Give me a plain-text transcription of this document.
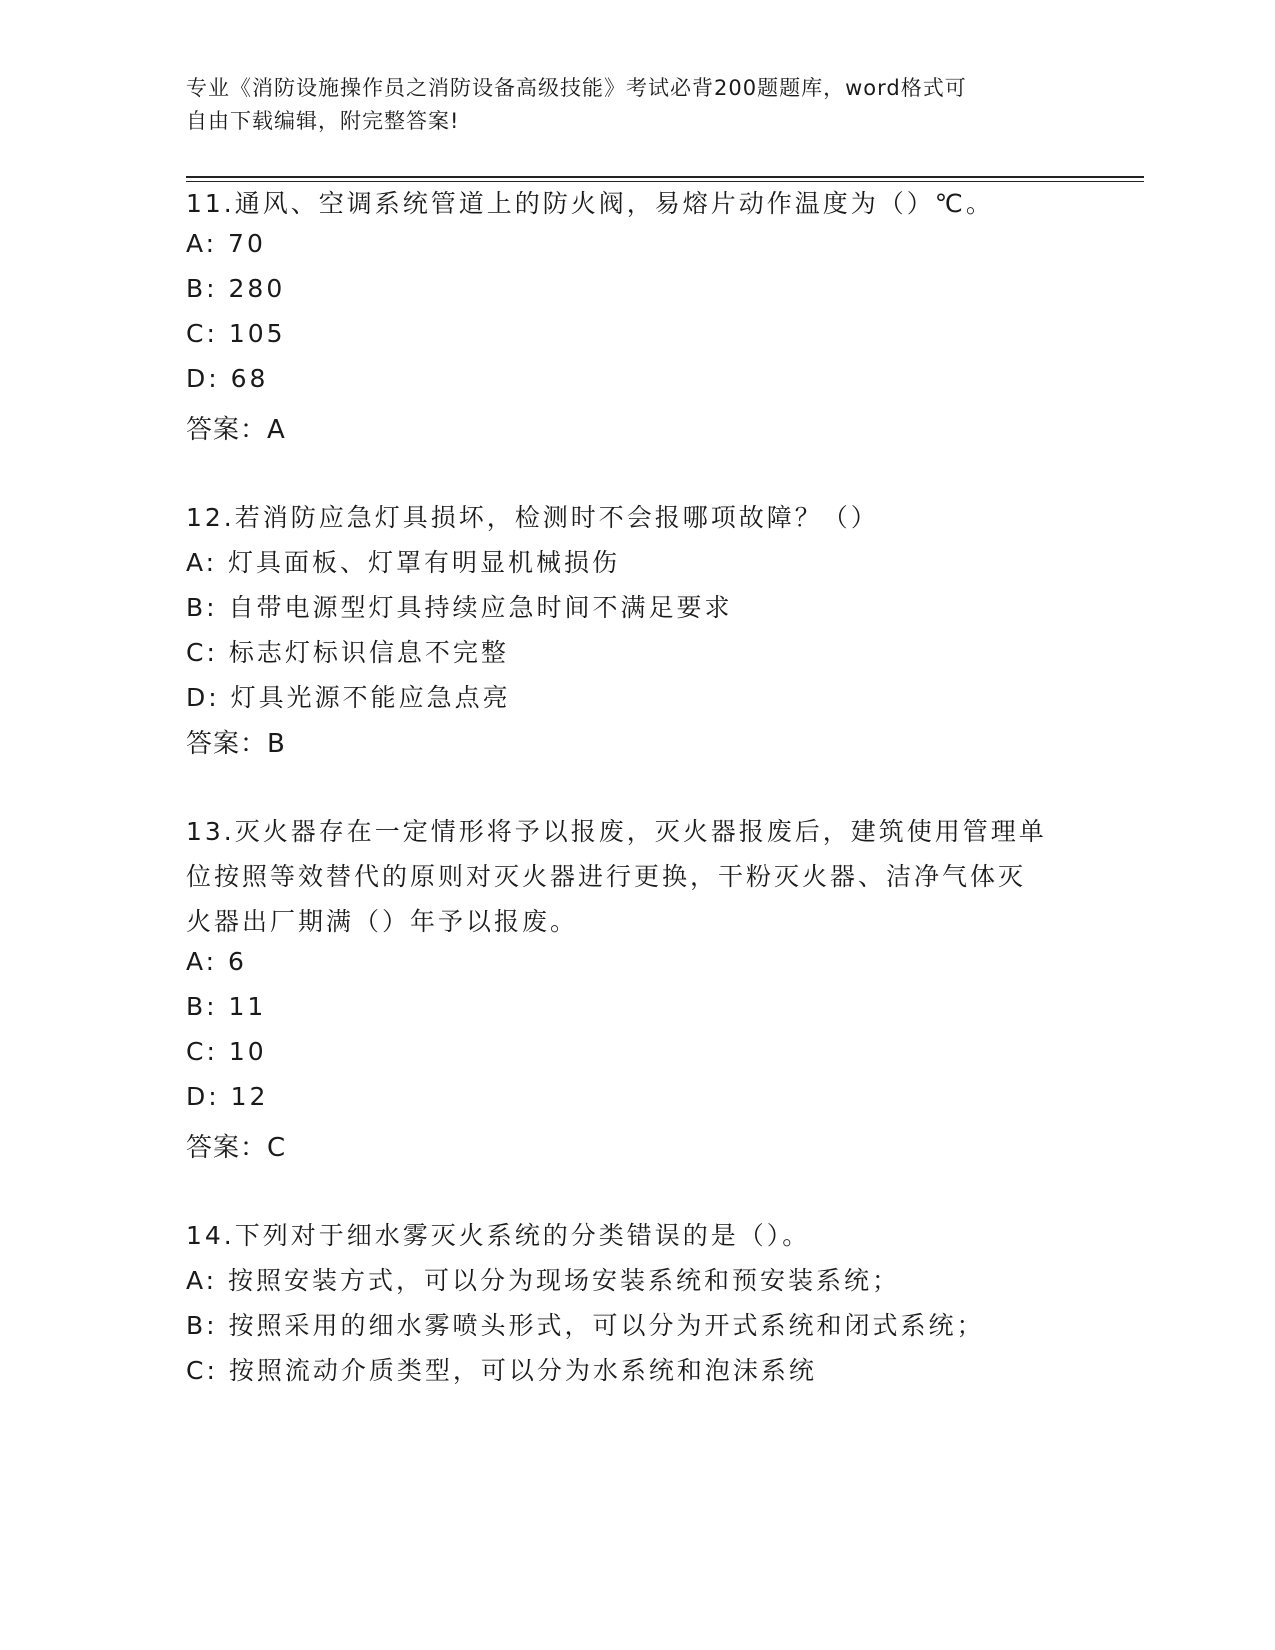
专业《消防设施操作员之消防设备高级技能》考试必背200题题库，word格式可
自由下载编辑，附完整答案!
11.通风、空调系统管道上的防火阀，易熔片动作温度为（）℃。
A: 70
B: 280
C: 105
D: 68
答案：A
12.若消防应急灯具损坏，检测时不会报哪项故障？（）
A: 灯具面板、灯罩有明显机械损伤
B: 自带电源型灯具持续应急时间不满足要求
C: 标志灯标识信息不完整
D: 灯具光源不能应急点亮
答案：B
13.灭火器存在一定情形将予以报废，灭火器报废后，建筑使用管理单
位按照等效替代的原则对灭火器进行更换，干粉灭火器、洁净气体灭
火器出厂期满（）年予以报废。
A: 6
B: 11
C: 10
D: 12
答案：C
14.下列对于细水雾灭火系统的分类错误的是（）。
A: 按照安装方式，可以分为现场安装系统和预安装系统；
B: 按照采用的细水雾喷头形式，可以分为开式系统和闭式系统；
C: 按照流动介质类型，可以分为水系统和泡沫系统
